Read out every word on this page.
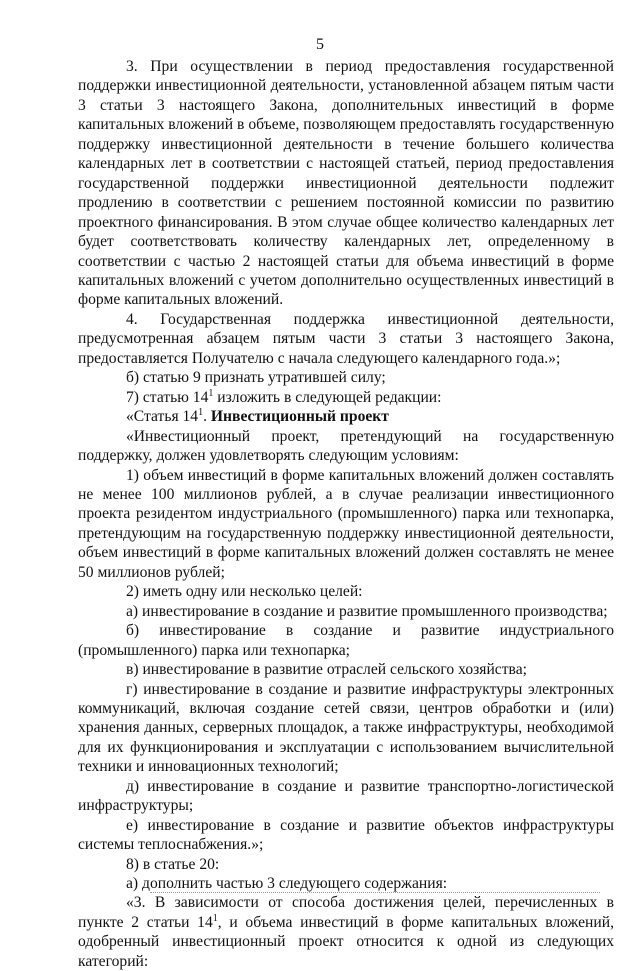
5

3. При осуществлении в период предоставления государственной поддержки инвестиционной деятельности, установленной абзацем пятым части 3 статьи 3 настоящего Закона, дополнительных инвестиций в форме капитальных вложений в объеме, позволяющем предоставлять государственную поддержку инвестиционной деятельности в течение большего количества календарных лет в соответствии с настоящей статьей, период предоставления государственной поддержки инвестиционной деятельности подлежит продлению в соответствии с решением постоянной комиссии по развитию проектного финансирования. В этом случае общее количество календарных лет будет соответствовать количеству календарных лет, определенному в соответствии с частью 2 настоящей статьи для объема инвестиций в форме капитальных вложений с учетом дополнительно осуществленных инвестиций в форме капитальных вложений.

4. Государственная поддержка инвестиционной деятельности, предусмотренная абзацем пятым части 3 статьи 3 настоящего Закона, предоставляется Получателю с начала следующего календарного года.»;

б) статью 9 признать утратившей силу;

7) статью $14^1$ изложить в следующей редакции:

«Статья $14^1$. Инвестиционный проект

«Инвестиционный проект, претендующий на государственную поддержку, должен удовлетворять следующим условиям:

1) объем инвестиций в форме капитальных вложений должен составлять не менее 100 миллионов рублей, а в случае реализации инвестиционного проекта резидентом индустриального (промышленного) парка или технопарка, претендующим на государственную поддержку инвестиционной деятельности, объем инвестиций в форме капитальных вложений должен составлять не менее 50 миллионов рублей;

2) иметь одну или несколько целей:

а) инвестирование в создание и развитие промышленного производства;

б) инвестирование в создание и развитие индустриального (промышленного) парка или технопарка;

в) инвестирование в развитие отраслей сельского хозяйства;

г) инвестирование в создание и развитие инфраструктуры электронных коммуникаций, включая создание сетей связи, центров обработки и (или) хранения данных, серверных площадок, а также инфраструктуры, необходимой для их функционирования и эксплуатации с использованием вычислительной техники и инновационных технологий;

д) инвестирование в создание и развитие транспортно-логистической инфраструктуры;

е) инвестирование в создание и развитие объектов инфраструктуры системы теплоснабжения.»;

8) в статье 20:

а) дополнить частью 3 следующего содержания:

«3. В зависимости от способа достижения целей, перечисленных в пункте 2 статьи $14^1$, и объема инвестиций в форме капитальных вложений, одобренный инвестиционный проект относится к одной из следующих категорий:
